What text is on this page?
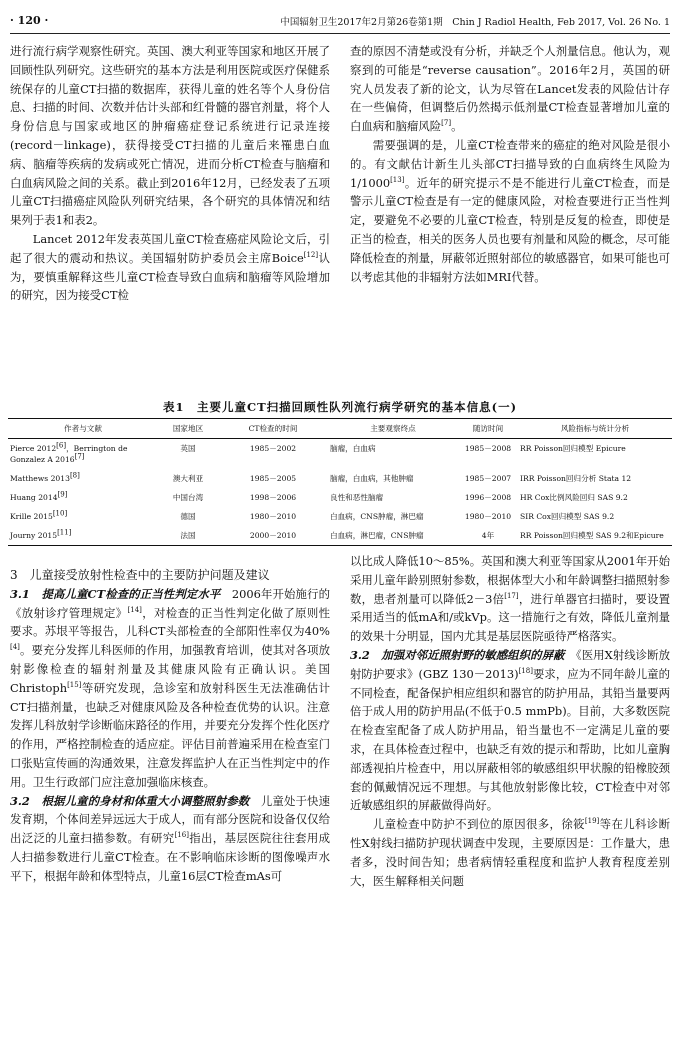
· 120 ·	中国辐射卫生2017年2月第26卷第1期　Chin J Radiol Health, Feb 2017, Vol. 26 No. 1

进行流行病学观察性研究。英国、澳大利亚等国家和地区开展了回顾性队列研究。这些研究的基本方法是利用医院或医疗保健系统保存的儿童CT扫描的数据库，获得儿童的姓名等个人身份信息、扫描的时间、次数并估计头部和红骨髓的器官剂量，将个人身份信息与国家或地区的肿瘤癌症登记系统进行记录连接(record－linkage)，获得接受CT扫描的儿童后来罹患白血病、脑瘤等疾病的发病或死亡情况，进而分析CT检查与脑瘤和白血病风险之间的关系。截止到2016年12月，已经发表了五项儿童CT扫描癌症风险队列研究结果，各个研究的具体情况和结果列于表1和表2。

Lancet 2012年发表英国儿童CT检查癌症风险论文后，引起了很大的震动和热议。美国辐射防护委员会主席Boice[12]认为，要慎重解释这些儿童CT检查导致白血病和脑瘤等风险增加的研究，因为接受CT检

查的原因不清楚或没有分析，并缺乏个人剂量信息。他认为，观察到的可能是“reverse causation”。2016年2月，英国的研究人员发表了新的论文，认为尽管在Lancet发表的风险估计存在一些偏倚，但调整后仍然揭示低剂量CT检查显著增加儿童的白血病和脑瘤风险[7]。

需要强调的是，儿童CT检查带来的癌症的绝对风险是很小的。有文献估计新生儿头部CT扫描导致的白血病终生风险为1/1000[13]。近年的研究提示不是不能进行儿童CT检查，而是警示儿童CT检查是有一定的健康风险，对检查要进行正当性判定，要避免不必要的儿童CT检查，特别是反复的检查，即使是正当的检查，相关的医务人员也要有剂量和风险的概念，尽可能降低检查的剂量，屏蔽邻近照射部位的敏感器官，如果可能也可以考虑其他的非辐射方法如MRI代替。

表1　主要儿童CT扫描回顾性队列流行病学研究的基本信息(一)
作者与文献	国家地区	CT检查的时间	主要观察终点	随访时间	风险指标与统计分析
Pierce 2012[6]，Berrington de Gonzalez A 2016[7]	英国	1985－2002	脑瘤，白血病	1985－2008	RR Poisson回归模型 Epicure
Matthews 2013[8]	澳大利亚	1985－2005	脑瘤，白血病，其他肿瘤	1985－2007	IRR Poisson回归分析 Stata 12
Huang 2014[9]	中国台湾	1998－2006	良性和恶性脑瘤	1996－2008	HR Cox比例风险回归 SAS 9.2
Krille 2015[10]	德国	1980－2010	白血病，CNS肿瘤，淋巴瘤	1980－2010	SIR Cox回归模型 SAS 9.2
Journy 2015[11]	法国	2000－2010	白血病，淋巴瘤，CNS肿瘤	4年	RR Poisson回归模型 SAS 9.2和Epicure

3　儿童接受放射性检查中的主要防护问题及建议

3.1　提高儿童CT检查的正当性判定水平　 2006年开始施行的《放射诊疗管理规定》[14]，对检查的正当性判定化做了原则性要求。苏垠平等报告，儿科CT头部检查的全部阳性率仅为40%[4]。要充分发挥儿科医师的作用，加强教育培训，使其对各项放射影像检查的辐射剂量及其健康风险有正确认识。美国Christoph[15]等研究发现，急诊室和放射科医生无法准确估计CT扫描剂量，也缺乏对健康风险及各种检查优势的认识。注意发挥儿科放射学诊断临床路径的作用，并要充分发挥个性化医疗的作用，严格控制检查的适应症。评估目前普遍采用在检查室门口张贴宣传画的沟通效果，注意发挥监护人在正当性判定中的作用。卫生行政部门应注意加强临床核查。

3.2　根据儿童的身材和体重大小调整照射参数　 儿童处于快速发育期，个体间差异远远大于成人，而有部分医院和设备仅仅给出泛泛的儿童扫描参数。有研究[16]指出，基层医院往往套用成人扫描参数进行儿童CT检查。在不影响临床诊断的图像噪声水平下，根据年龄和体型特点，儿童16层CT检查mAs可

以比成人降低10～85%。英国和澳大利亚等国家从2001年开始采用儿童年龄别照射参数，根据体型大小和年龄调整扫描照射参数，患者剂量可以降低2－3倍[17]，进行单器官扫描时，要设置采用适当的低mA和/或kVp。这一措施行之有效，降低儿童剂量的效果十分明显，国内尤其是基层医院亟待严格落实。

3.2　加强对邻近照射野的敏感组织的屏蔽　 《医用X射线诊断放射防护要求》(GBZ 130－2013)[18]要求，应为不同年龄儿童的不同检查，配备保护相应组织和器官的防护用品，其铅当量要两倍于成人用的防护用品(不低于0.5 mmPb)。目前，大多数医院在检查室配备了成人防护用品，铅当量也不一定满足儿童的要求，在具体检查过程中，也缺乏有效的提示和帮助，比如儿童胸部透视拍片检查中，用以屏蔽相邻的敏感组织甲状腺的铅橡胶颈套的佩戴情况远不理想。与其他放射影像比较，CT检查中对邻近敏感组织的屏蔽做得尚好。

儿童检查中防护不到位的原因很多，徐筱[19]等在儿科诊断性X射线扫描防护现状调查中发现，主要原因是：工作量大，患者多，没时间告知；患者病情轻重程度和监护人教育程度差别大，医生解释相关问题
